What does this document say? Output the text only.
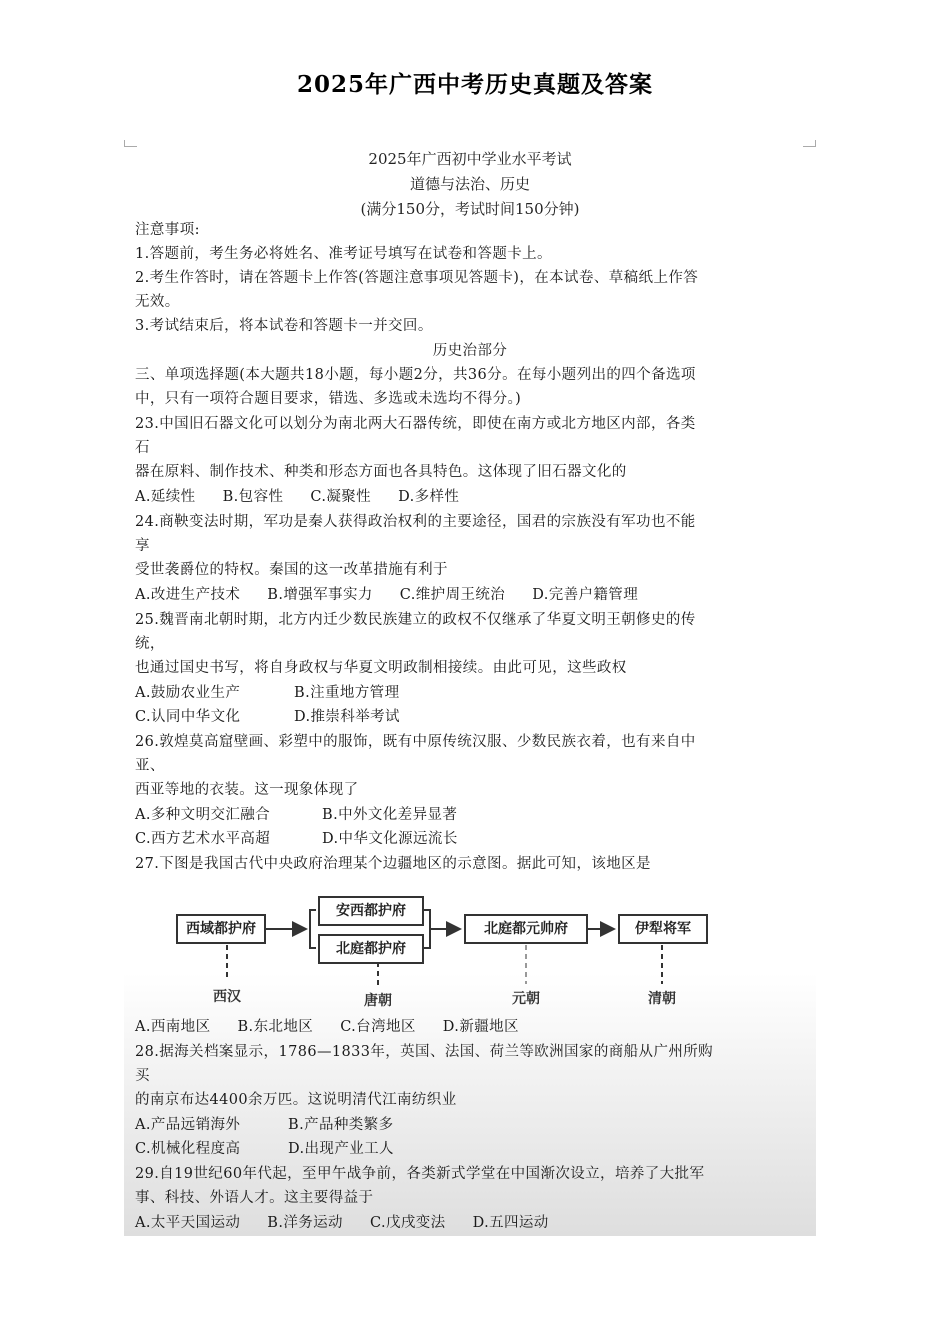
2025年广西中考历史真题及答案
2025年广西初中学业水平考试
道德与法治、历史
(满分150分，考试时间150分钟)
注意事项:
1.答题前，考生务必将姓名、准考证号填写在试卷和答题卡上。
2.考生作答时，请在答题卡上作答(答题注意事项见答题卡)，在本试卷、草稿纸上作答
无效。
3.考试结束后，将本试卷和答题卡一并交回。
历史治部分
三、单项选择题(本大题共18小题，每小题2分，共36分。在每小题列出的四个备选项
中，只有一项符合题目要求，错选、多选或未选均不得分。)
23.中国旧石器文化可以划分为南北两大石器传统，即使在南方或北方地区内部，各类
石
器在原料、制作技术、种类和形态方面也各具特色。这体现了旧石器文化的
A.延续性 B.包容性 C.凝聚性 D.多样性
24.商鞅变法时期，军功是秦人获得政治权利的主要途径，国君的宗族没有军功也不能
享
受世袭爵位的特权。秦国的这一改革措施有利于
A.改进生产技术 B.增强军事实力 C.维护周王统治 D.完善户籍管理
25.魏晋南北朝时期，北方内迁少数民族建立的政权不仅继承了华夏文明王朝修史的传
统，
也通过国史书写，将自身政权与华夏文明政制相接续。由此可见，这些政权
A.鼓励农业生产	B.注重地方管理
C.认同中华文化	D.推崇科举考试
26.敦煌莫高窟壁画、彩塑中的服饰，既有中原传统汉服、少数民族衣着，也有来自中
亚、
西亚等地的衣装。这一现象体现了
A.多种文明交汇融合	B.中外文化差异显著
C.西方艺术水平高超	D.中华文化源远流长
27.下图是我国古代中央政府治理某个边疆地区的示意图。据此可知，该地区是
西域都护府
安西都护府
北庭都护府
北庭都元帅府	伊犁将军
西汉	唐朝	元朝	清朝
A.西南地区 B.东北地区 C.台湾地区 D.新疆地区
28.据海关档案显示，1786—1833年，英国、法国、荷兰等欧洲国家的商船从广州所购
买
的南京布达4400余万匹。这说明清代江南纺织业
A.产品远销海外	B.产品种类繁多
C.机械化程度高	D.出现产业工人
29.自19世纪60年代起，至甲午战争前，各类新式学堂在中国渐次设立，培养了大批军
事、科技、外语人才。这主要得益于
A.太平天国运动 B.洋务运动 C.戊戌变法 D.五四运动
